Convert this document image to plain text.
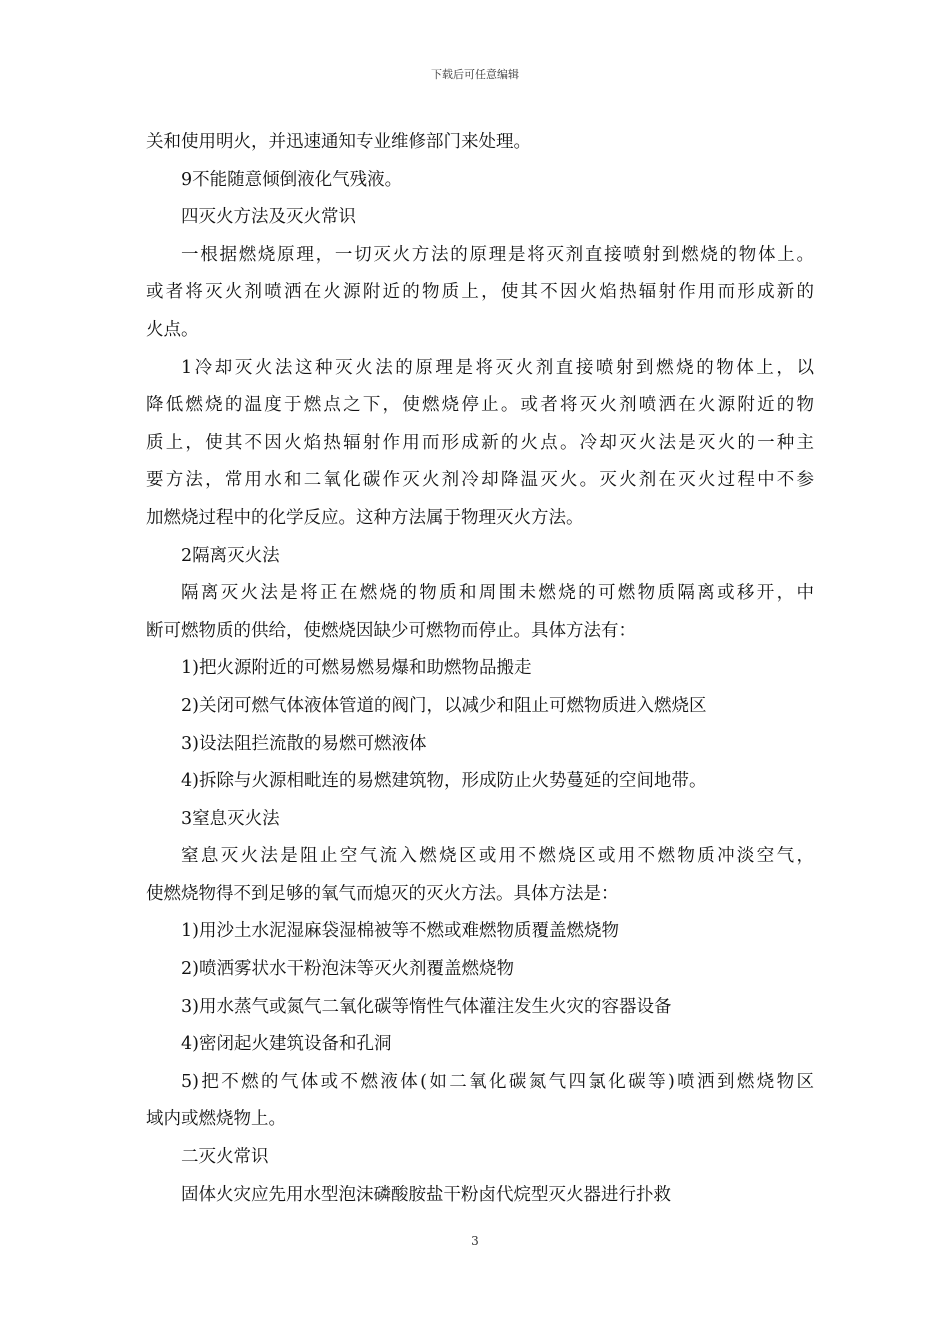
下载后可任意编辑

关和使用明火，并迅速通知专业维修部门来处理。

9不能随意倾倒液化气残液。

四灭火方法及灭火常识

一根据燃烧原理，一切灭火方法的原理是将灭剂直接喷射到燃烧的物体上。

或者将灭火剂喷洒在火源附近的物质上，使其不因火焰热辐射作用而形成新的

火点。

1冷却灭火法这种灭火法的原理是将灭火剂直接喷射到燃烧的物体上，以

降低燃烧的温度于燃点之下，使燃烧停止。或者将灭火剂喷洒在火源附近的物

质上，使其不因火焰热辐射作用而形成新的火点。冷却灭火法是灭火的一种主

要方法，常用水和二氧化碳作灭火剂冷却降温灭火。灭火剂在灭火过程中不参

加燃烧过程中的化学反应。这种方法属于物理灭火方法。

2隔离灭火法

隔离灭火法是将正在燃烧的物质和周围未燃烧的可燃物质隔离或移开，中

断可燃物质的供给，使燃烧因缺少可燃物而停止。具体方法有：

1)把火源附近的可燃易燃易爆和助燃物品搬走

2)关闭可燃气体液体管道的阀门，以减少和阻止可燃物质进入燃烧区

3)设法阻拦流散的易燃可燃液体

4)拆除与火源相毗连的易燃建筑物，形成防止火势蔓延的空间地带。

3窒息灭火法

窒息灭火法是阻止空气流入燃烧区或用不燃烧区或用不燃物质冲淡空气，

使燃烧物得不到足够的氧气而熄灭的灭火方法。具体方法是：

1)用沙土水泥湿麻袋湿棉被等不燃或难燃物质覆盖燃烧物

2)喷洒雾状水干粉泡沫等灭火剂覆盖燃烧物

3)用水蒸气或氮气二氧化碳等惰性气体灌注发生火灾的容器设备

4)密闭起火建筑设备和孔洞

5)把不燃的气体或不燃液体(如二氧化碳氮气四氯化碳等)喷洒到燃烧物区

域内或燃烧物上。

二灭火常识

固体火灾应先用水型泡沫磷酸胺盐干粉卤代烷型灭火器进行扑救

3
